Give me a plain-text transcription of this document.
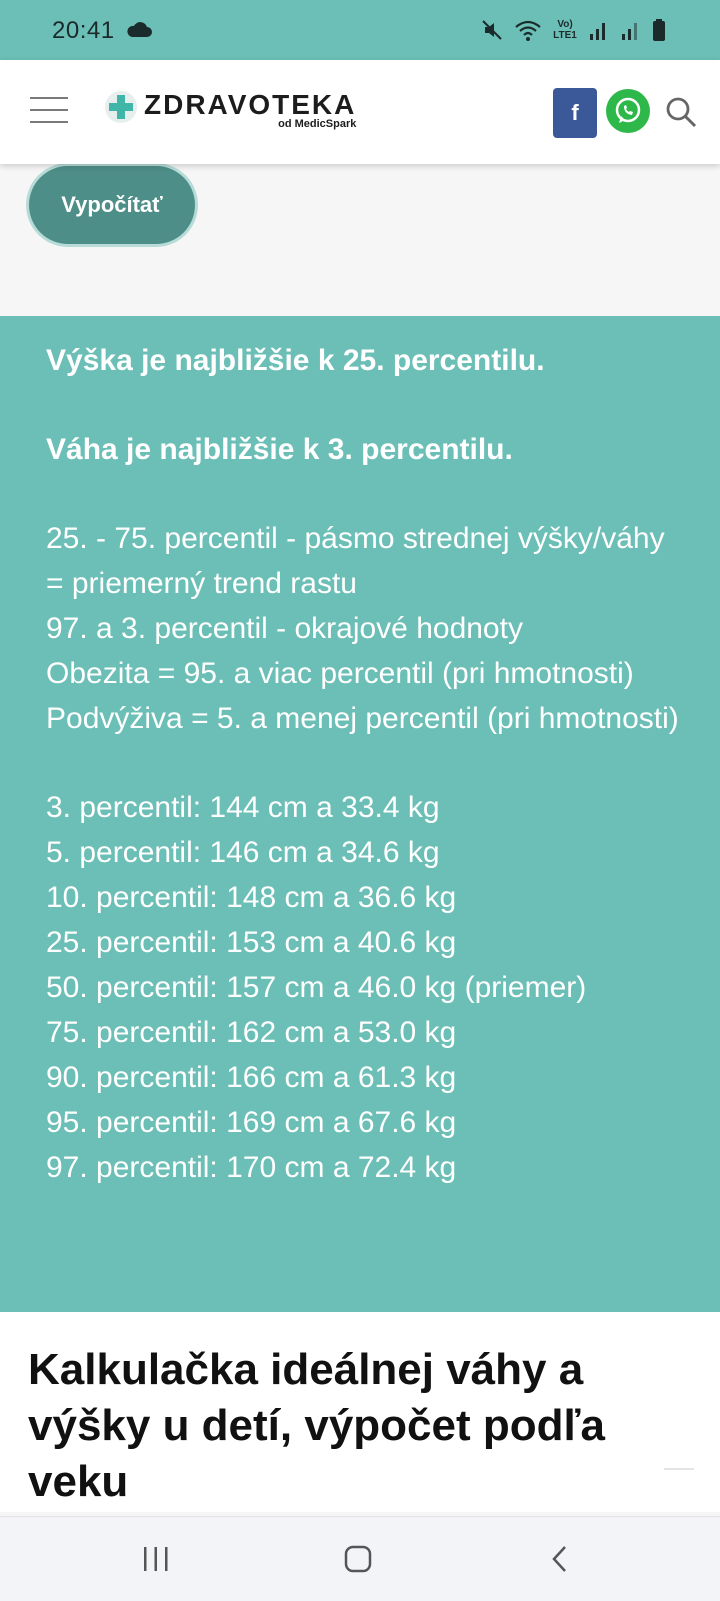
20:41	Vo) LTE1
ZDRAVOTEKA
od MedicSpark	f
Vypočítať

Výška je najbližšie k 25. percentilu.

Váha je najbližšie k 3. percentilu.

25. - 75. percentil - pásmo strednej výšky/váhy = priemerný trend rastu

97. a 3. percentil - okrajové hodnoty

Obezita = 95. a viac percentil (pri hmotnosti)

Podvýživa = 5. a menej percentil (pri hmotnosti)

3. percentil: 144 cm a 33.4 kg

5. percentil: 146 cm a 34.6 kg

10. percentil: 148 cm a 36.6 kg

25. percentil: 153 cm a 40.6 kg

50. percentil: 157 cm a 46.0 kg (priemer)

75. percentil: 162 cm a 53.0 kg

90. percentil: 166 cm a 61.3 kg

95. percentil: 169 cm a 67.6 kg

97. percentil: 170 cm a 72.4 kg

Kalkulačka ideálnej váhy a výšky u detí, výpočet podľa veku
